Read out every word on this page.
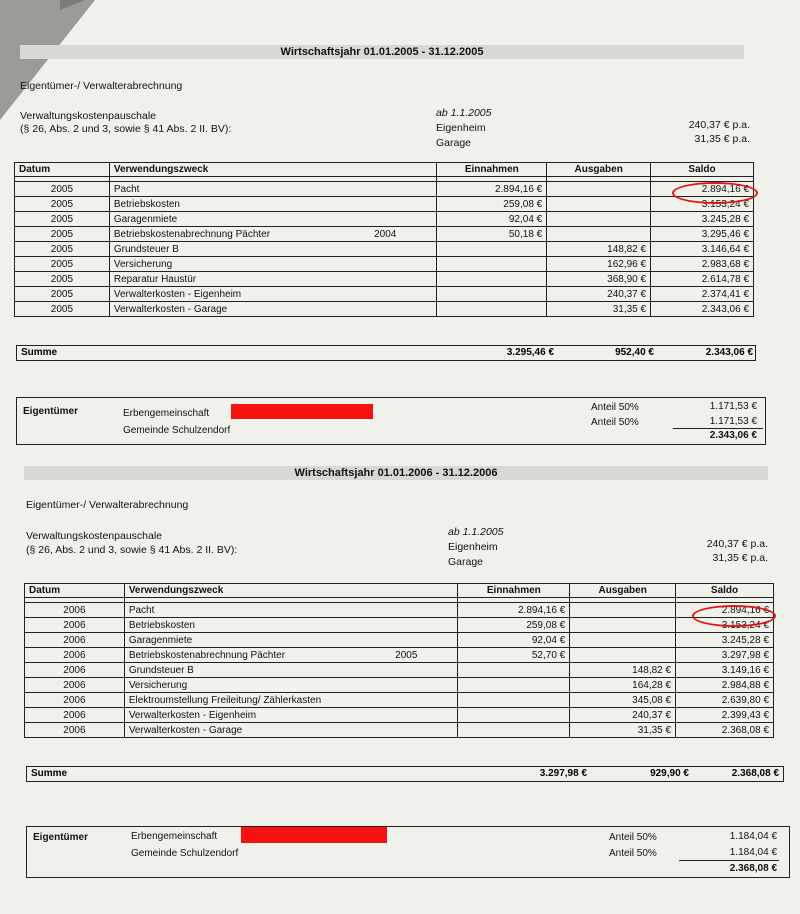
Wirtschaftsjahr 01.01.2005 - 31.12.2005
Eigentümer-/ Verwalterabrechnung
Verwaltungskostenpauschale
(§ 26, Abs. 2 und 3, sowie § 41 Abs. 2 II. BV):
ab 1.1.2005
Eigenheim
Garage
240,37 € p.a.
31,35 € p.a.
Datum	Verwendungszweck	Einnahmen	Ausgaben	Saldo

2005	Pacht	2.894,16 €		2.894,16 €
2005	Betriebskosten	259,08 €		3.153,24 €
2005	Garagenmiete	92,04 €		3.245,28 €
2005	Betriebskostenabrechnung Pächter 2004	50,18 €		3.295,46 €
2005	Grundsteuer B		148,82 €	3.146,64 €
2005	Versicherung		162,96 €	2.983,68 €
2005	Reparatur Haustür		368,90 €	2.614,78 €
2005	Verwalterkosten - Eigenheim		240,37 €	2.374,41 €
2005	Verwalterkosten - Garage		31,35 €	2.343,06 €
Summe	3.295,46 €	952,40 €	2.343,06 €
Eigentümer	Erbengemeinschaft
Gemeinde Schulzendorf
Anteil 50%	1.171,53 €
Anteil 50%	1.171,53 €
2.343,06 €
Wirtschaftsjahr 01.01.2006 - 31.12.2006
Eigentümer-/ Verwalterabrechnung
Verwaltungskostenpauschale
(§ 26, Abs. 2 und 3, sowie § 41 Abs. 2 II. BV):
ab 1.1.2005
Eigenheim
Garage
240,37 € p.a.
31,35 € p.a.
Datum	Verwendungszweck	Einnahmen	Ausgaben	Saldo

2006	Pacht	2.894,16 €		2.894,16 €
2006	Betriebskosten	259,08 €		3.153,24 €
2006	Garagenmiete	92,04 €		3.245,28 €
2006	Betriebskostenabrechnung Pächter 2005	52,70 €		3.297,98 €
2006	Grundsteuer B		148,82 €	3.149,16 €
2006	Versicherung		164,28 €	2.984,88 €
2006	Elektroumstellung Freileitung/ Zählerkasten		345,08 €	2.639,80 €
2006	Verwalterkosten - Eigenheim		240,37 €	2.399,43 €
2006	Verwalterkosten - Garage		31,35 €	2.368,08 €
Summe	3.297,98 €	929,90 €	2.368,08 €
Eigentümer	Erbengemeinschaft
Gemeinde Schulzendorf
Anteil 50%	1.184,04 €
Anteil 50%	1.184,04 €
2.368,08 €
